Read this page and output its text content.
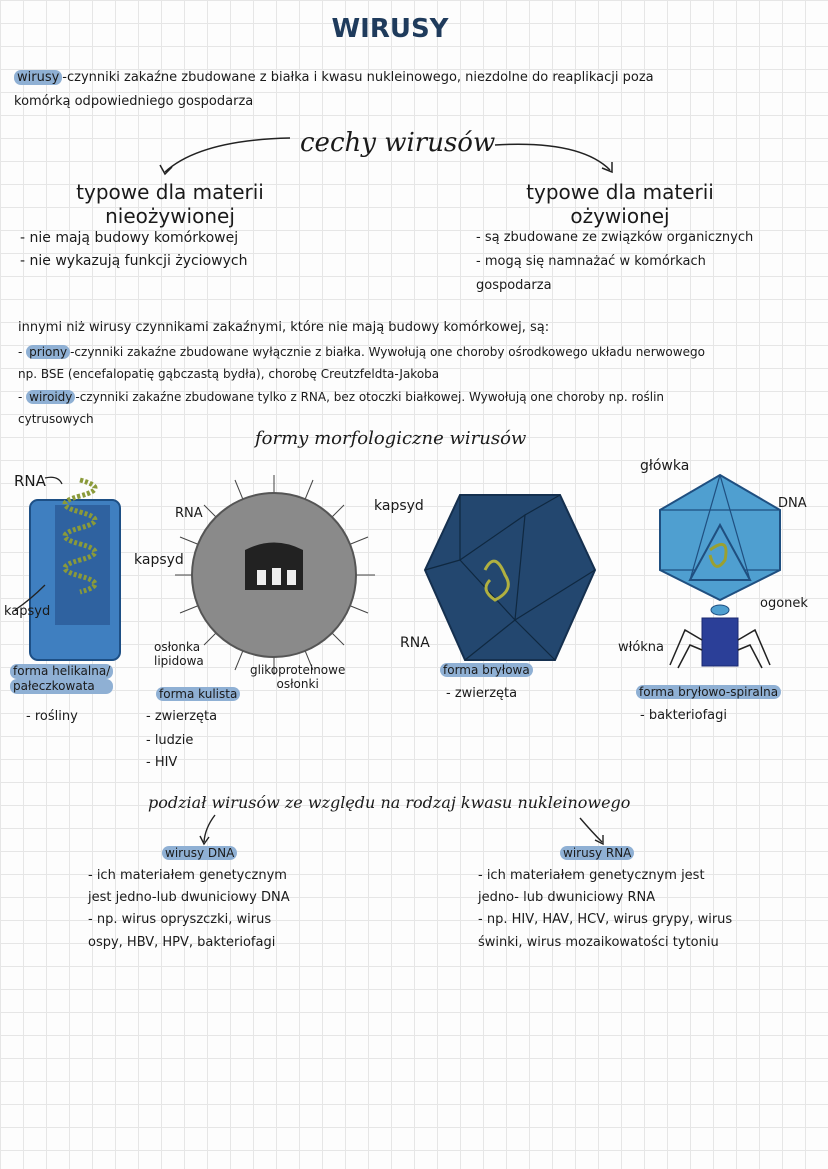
WIRUSY
wirusy -czynniki zakaźne zbudowane z białka i kwasu nukleinowego, niezdolne do reaplikacji poza
komórką odpowiedniego gospodarza
cechy wirusów
typowe dla materii
nieożywionej
- nie mają budowy komórkowej
- nie wykazują funkcji życiowych
typowe dla materii
ożywionej
- są zbudowane ze związków organicznych
- mogą się namnażać w komórkach
gospodarza
innymi niż wirusy czynnikami zakaźnymi, które nie mają budowy komórkowej, są:
- priony -czynniki zakaźne zbudowane wyłącznie z białka. Wywołują one choroby ośrodkowego układu nerwowego
np. BSE (encefalopatię gąbczastą bydła), chorobę Creutzfeldta-Jakoba
- wiroidy -czynniki zakaźne zbudowane tylko z RNA, bez otoczki białkowej. Wywołują one choroby np. roślin
cytrusowych
formy morfologiczne wirusów
RNA
kapsyd
forma helikalna/
pałeczkowata
- rośliny
RNA
kapsyd
osłonka
lipidowa
glikoproteinowe
osłonki
forma kulista
- zwierzęta
- ludzie
- HIV
kapsyd
RNA
forma bryłowa
- zwierzęta
główka
DNA
ogonek
włókna
forma bryłowo-spiralna
- bakteriofagi
podział wirusów ze względu na rodzaj kwasu nukleinowego
wirusy DNA	wirusy RNA
- ich materiałem genetycznym
jest jedno-lub dwuniciowy DNA
- np. wirus opryszczki, wirus
ospy, HBV, HPV, bakteriofagi
- ich materiałem genetycznym jest
jedno- lub dwuniciowy RNA
- np. HIV, HAV, HCV, wirus grypy, wirus
świnki, wirus mozaikowatości tytoniu
